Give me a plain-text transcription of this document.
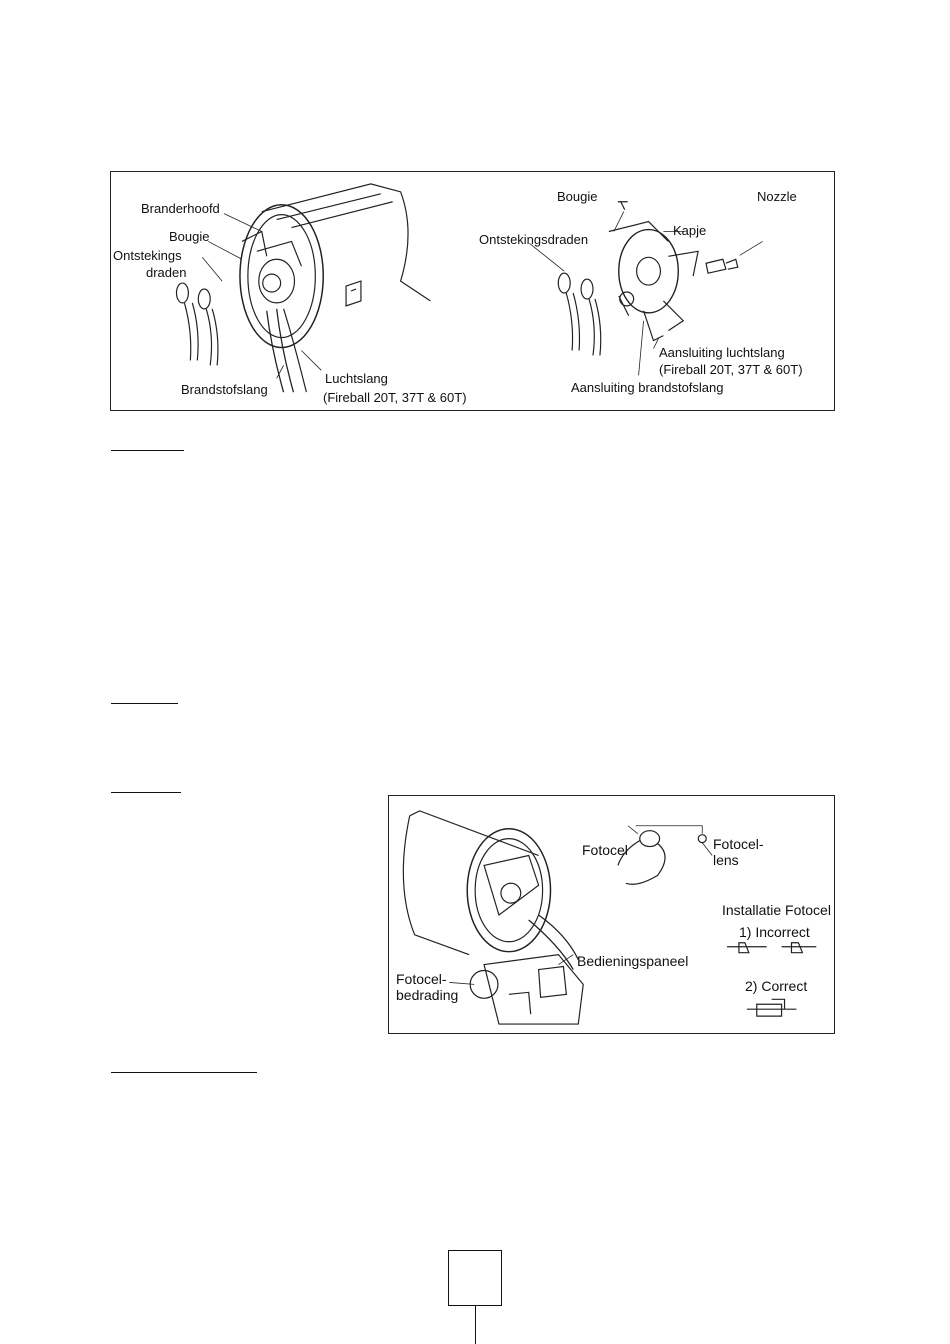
Branderhoofd
Bougie
Ontstekings
draden
Brandstofslang
Luchtslang
(Fireball 20T, 37T & 60T)
Bougie	Nozzle
Kapje
Ontstekingsdraden
Aansluiting luchtslang
(Fireball 20T, 37T & 60T)
Aansluiting brandstofslang
Fotocel	Fotocel-
lens
Installatie Fotocel
1) Incorrect
2) Correct
Bedieningspaneel
Fotocel-
bedrading
